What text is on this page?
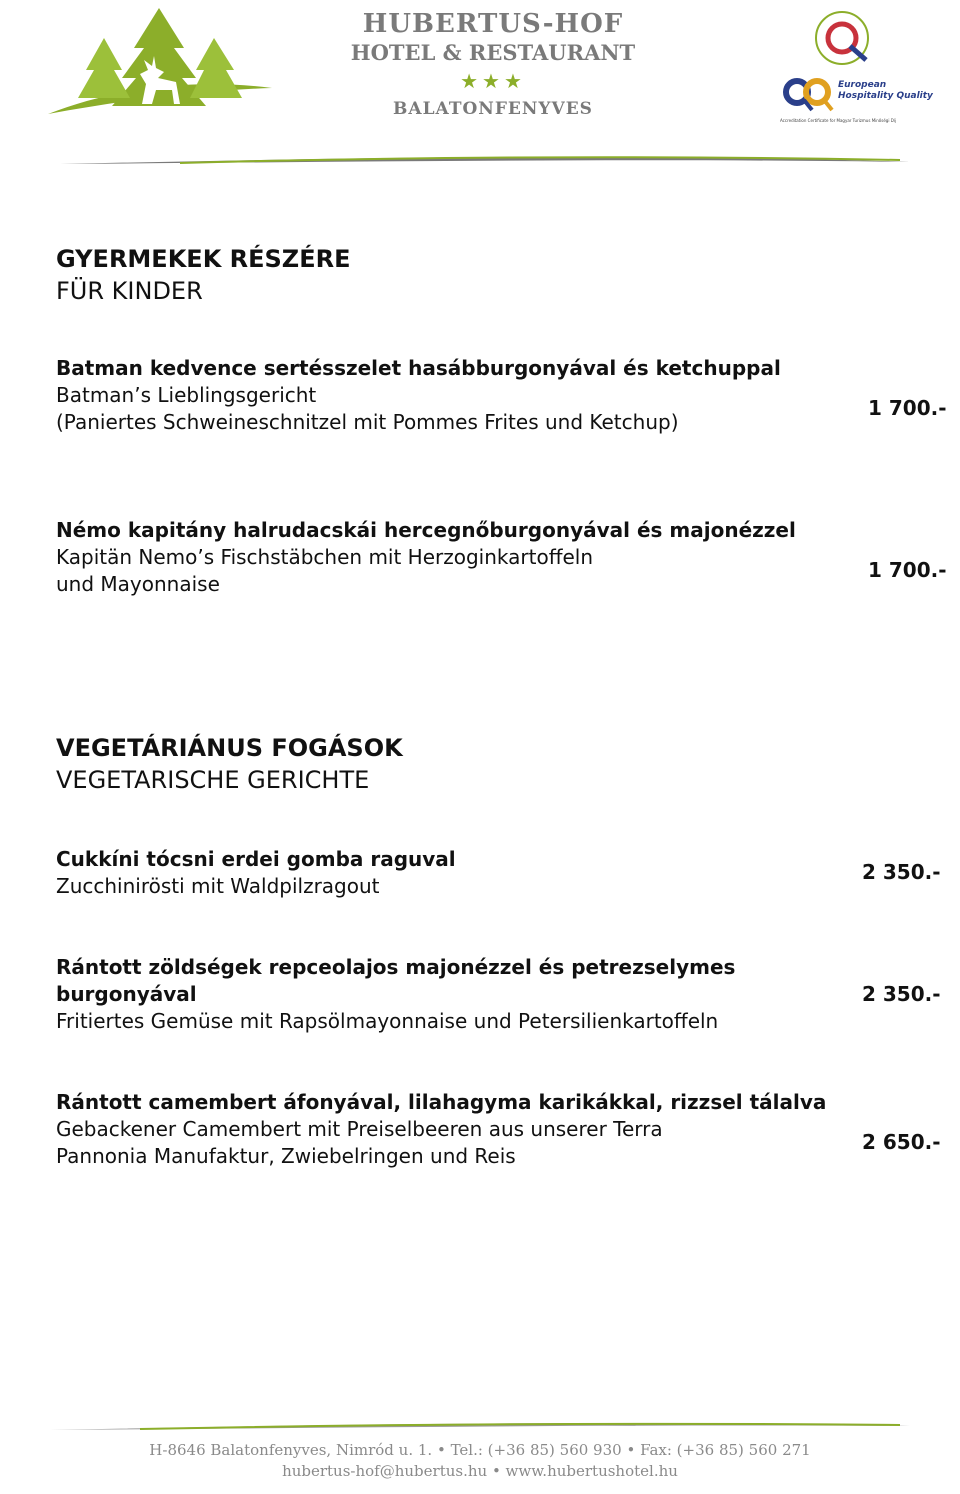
HUBERTUS-HOF
HOTEL & RESTAURANT
★★★
BALATONFENYVES
European
Hospitality Quality
Accreditation Certificate for Magyar Turizmus Minőségi Díj
GYERMEKEK RÉSZÉRE
FÜR KINDER
Batman kedvence sertésszelet hasábburgonyával és ketchuppal
Batman’s Lieblingsgericht
(Paniertes Schweineschnitzel mit Pommes Frites und Ketchup)
1 700.-
Némo kapitány halrudacskái hercegnőburgonyával és majonézzel
Kapitän Nemo’s Fischstäbchen mit Herzoginkartoffeln
und Mayonnaise
1 700.-
VEGETÁRIÁNUS FOGÁSOK
VEGETARISCHE GERICHTE
Cukkíni tócsni erdei gomba raguval
Zucchinirösti mit Waldpilzragout
2 350.-
Rántott zöldségek repceolajos majonézzel és petrezselymes burgonyával
Fritiertes Gemüse mit Rapsölmayonnaise und Petersilienkartoffeln
2 350.-
Rántott camembert áfonyával, lilahagyma karikákkal, rizzsel tálalva
Gebackener Camembert mit Preiselbeeren aus unserer Terra
Pannonia Manufaktur, Zwiebelringen und Reis
2 650.-
H-8646 Balatonfenyves, Nimród u. 1. • Tel.: (+36 85) 560 930 • Fax: (+36 85) 560 271
hubertus-hof@hubertus.hu • www.hubertushotel.hu
